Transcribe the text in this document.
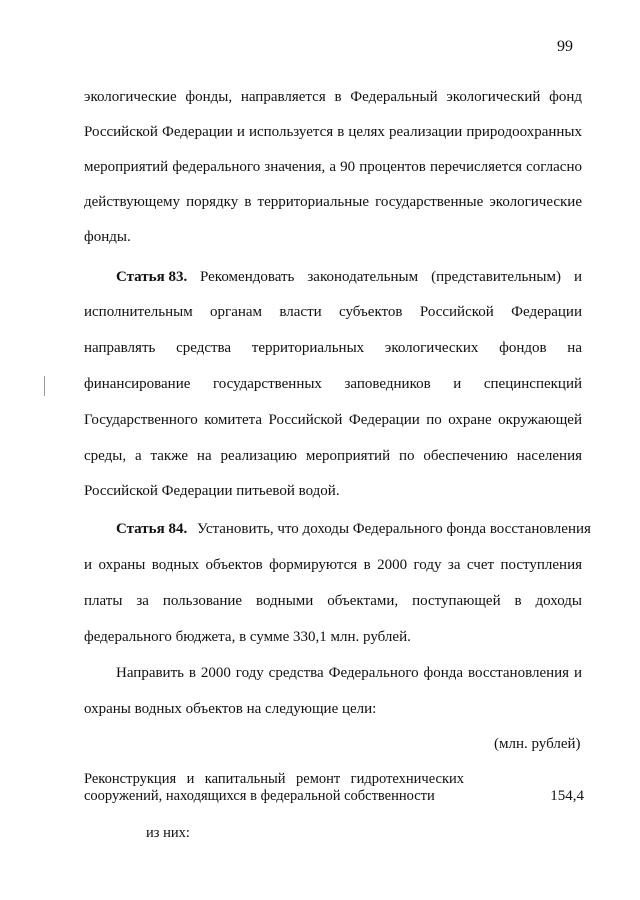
99
экологические фонды, направляется в Федеральный экологический фонд
Российской Федерации и используется в целях реализации природоохранных
мероприятий федерального значения, а 90 процентов перечисляется согласно
действующему порядку в территориальные государственные экологические
фонды.
Статья 83. Рекомендовать законодательным (представительным) и
исполнительным органам власти субъектов Российской Федерации
направлять средства территориальных экологических фондов на
финансирование государственных заповедников и специнспекций
Государственного комитета Российской Федерации по охране окружающей
среды, а также на реализацию мероприятий по обеспечению населения
Российской Федерации питьевой водой.
Статья 84. Установить, что доходы Федерального фонда восстановления
и охраны водных объектов формируются в 2000 году за счет поступления
платы за пользование водными объектами, поступающей в доходы
федерального бюджета, в сумме 330,1 млн. рублей.
Направить в 2000 году средства Федерального фонда восстановления и
охраны водных объектов на следующие цели:
(млн. рублей)
Реконструкция и капитальный ремонт гидротехнических
сооружений, находящихся в федеральной собственности	154,4
из них:
